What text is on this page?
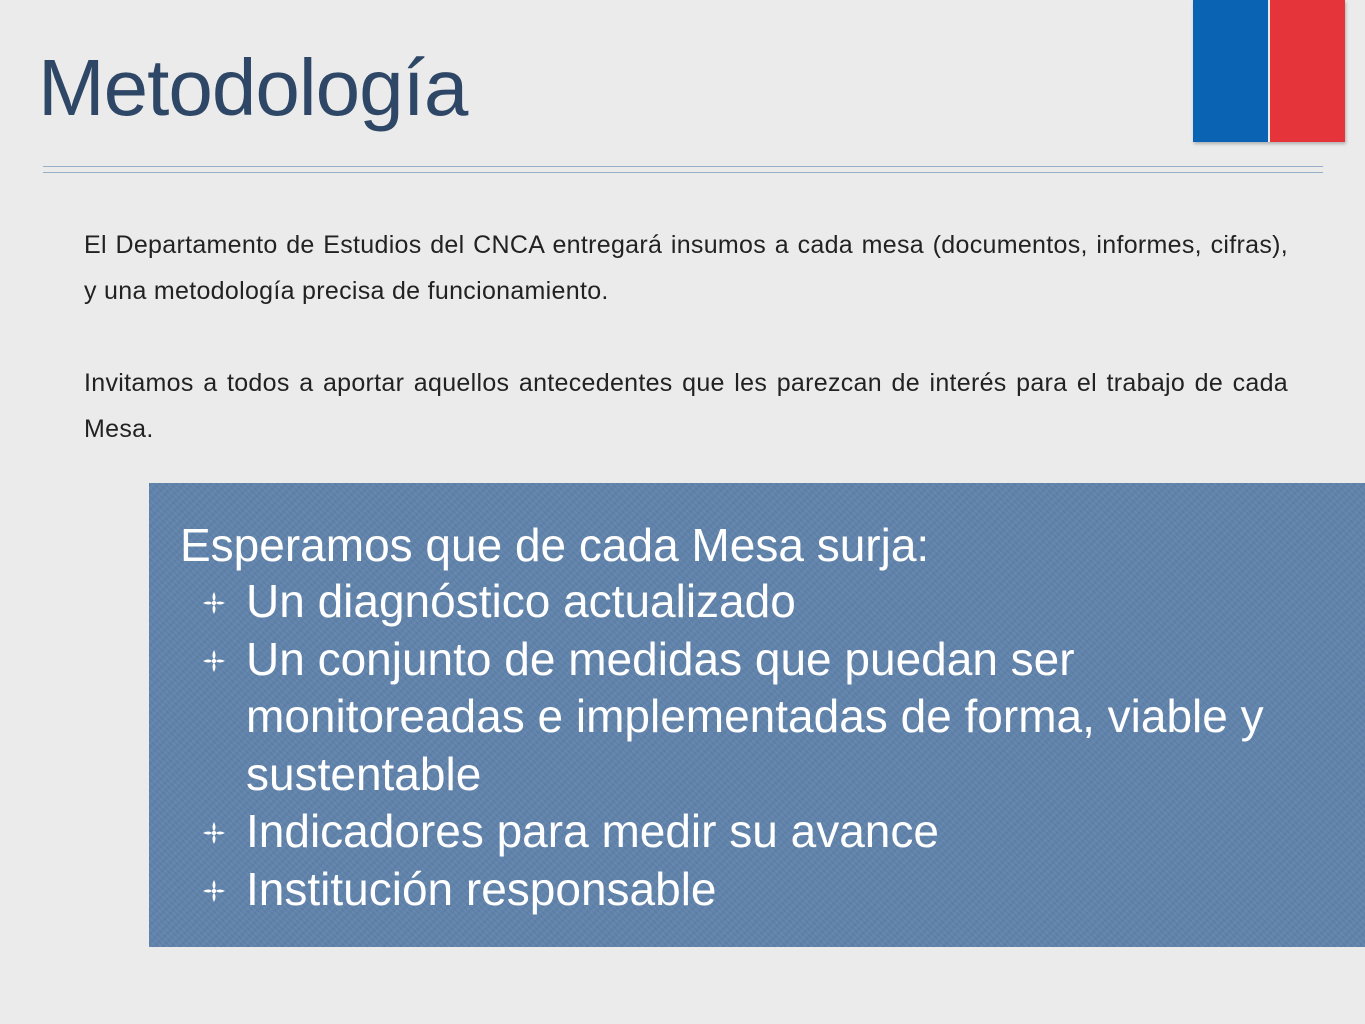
Metodología

El Departamento de Estudios del CNCA entregará insumos a cada mesa (documentos, informes, cifras), y una metodología precisa de funcionamiento.

Invitamos a todos a aportar aquellos antecedentes que les parezcan de interés para el trabajo de cada Mesa.

Esperamos que de cada Mesa surja:
Un diagnóstico actualizado
Un conjunto de medidas que puedan ser monitoreadas e implementadas de forma, viable y sustentable
Indicadores para medir su avance
Institución responsable
